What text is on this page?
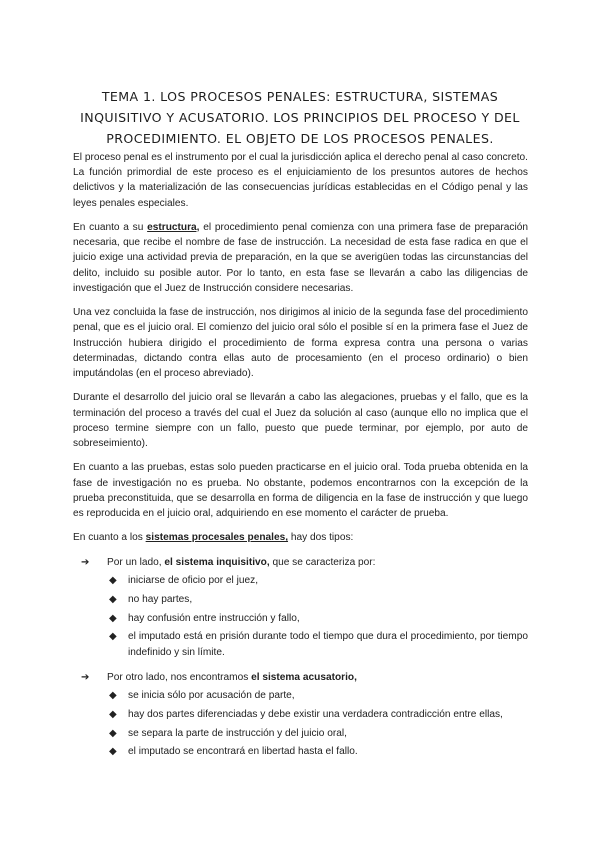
TEMA 1. LOS PROCESOS PENALES: ESTRUCTURA, SISTEMAS INQUISITIVO Y ACUSATORIO. LOS PRINCIPIOS DEL PROCESO Y DEL PROCEDIMIENTO. EL OBJETO DE LOS PROCESOS PENALES.

El proceso penal es el instrumento por el cual la jurisdicción aplica el derecho penal al caso concreto. La función primordial de este proceso es el enjuiciamiento de los presuntos autores de hechos delictivos y la materialización de las consecuencias jurídicas establecidas en el Código penal y las leyes penales especiales.

En cuanto a su estructura, el procedimiento penal comienza con una primera fase de preparación necesaria, que recibe el nombre de fase de instrucción. La necesidad de esta fase radica en que el juicio exige una actividad previa de preparación, en la que se averigüen todas las circunstancias del delito, incluido su posible autor. Por lo tanto, en esta fase se llevarán a cabo las diligencias de investigación que el Juez de Instrucción considere necesarias.

Una vez concluida la fase de instrucción, nos dirigimos al inicio de la segunda fase del procedimiento penal, que es el juicio oral. El comienzo del juicio oral sólo el posible sí en la primera fase el Juez de Instrucción hubiera dirigido el procedimiento de forma expresa contra una persona o varias determinadas, dictando contra ellas auto de procesamiento (en el proceso ordinario) o bien imputándolas (en el proceso abreviado).

Durante el desarrollo del juicio oral se llevarán a cabo las alegaciones, pruebas y el fallo, que es la terminación del proceso a través del cual el Juez da solución al caso (aunque ello no implica que el proceso termine siempre con un fallo, puesto que puede terminar, por ejemplo, por auto de sobreseimiento).

En cuanto a las pruebas, estas solo pueden practicarse en el juicio oral. Toda prueba obtenida en la fase de investigación no es prueba. No obstante, podemos encontrarnos con la excepción de la prueba preconstituida, que se desarrolla en forma de diligencia en la fase de instrucción y que luego es reproducida en el juicio oral, adquiriendo en ese momento el carácter de prueba.

En cuanto a los sistemas procesales penales, hay dos tipos:

➔ Por un lado, el sistema inquisitivo, que se caracteriza por:
◆ iniciarse de oficio por el juez,
◆ no hay partes,
◆ hay confusión entre instrucción y fallo,
◆ el imputado está en prisión durante todo el tiempo que dura el procedimiento, por tiempo indefinido y sin límite.
➔ Por otro lado, nos encontramos el sistema acusatorio,
◆ se inicia sólo por acusación de parte,
◆ hay dos partes diferenciadas y debe existir una verdadera contradicción entre ellas,
◆ se separa la parte de instrucción y del juicio oral,
◆ el imputado se encontrará en libertad hasta el fallo.
